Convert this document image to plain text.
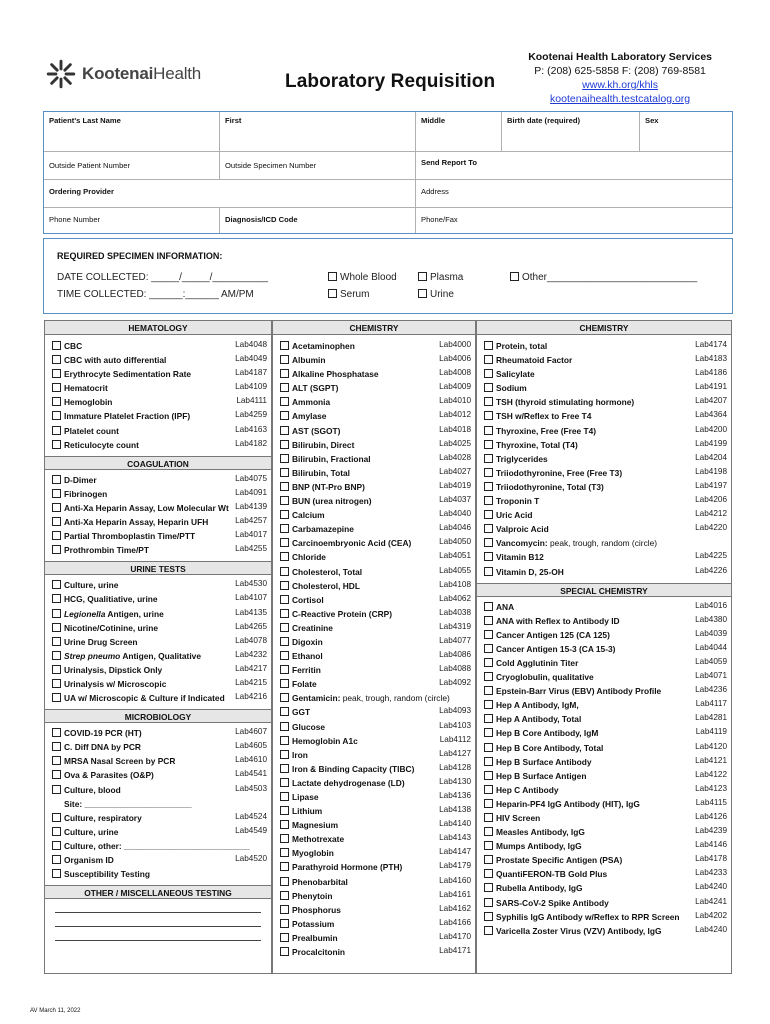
KootenaiHealth	Laboratory Requisition
Kootenai Health Laboratory Services
P: (208) 625-5858 F: (208) 769-8581
www.kh.org/khls
kootenaihealth.testcatalog.org
Patient's Last Name	First	Middle	Birth date (required)	Sex
Outside Patient Number	Outside Specimen Number	Send Report To
Ordering Provider	Address
Phone Number	Diagnosis/ICD Code	Phone/Fax
REQUIRED SPECIMEN INFORMATION:
DATE COLLECTED: _____/_____/__________
TIME COLLECTED: ______:______ AM/PM
Whole Blood
Serum
Plasma
Urine
Other___________________________
HEMATOLOGY
CBC	Lab4048
CBC with auto differential	Lab4049
Erythrocyte Sedimentation Rate	Lab4187
Hematocrit	Lab4109
Hemoglobin	Lab4111
Immature Platelet Fraction (IPF)	Lab4259
Platelet count	Lab4163
Reticulocyte count	Lab4182
COAGULATION
D-Dimer	Lab4075
Fibrinogen	Lab4091
Anti-Xa Heparin Assay, Low Molecular Wt Lab4139
Anti-Xa Heparin Assay, Heparin UFH	Lab4257
Partial Thromboplastin Time/PTT	Lab4017
Prothrombin Time/PT	Lab4255
URINE TESTS
Culture, urine	Lab4530
HCG, Qualitiative, urine	Lab4107
Legionella Antigen, urine	Lab4135
Nicotine/Cotinine, urine	Lab4265
Urine Drug Screen	Lab4078
Strep pneumo Antigen, Qualitative	Lab4232
Urinalysis, Dipstick Only	Lab4217
Urinalysis w/ Microscopic	Lab4215
UA w/ Microscopic & Culture if Indicated Lab4216
MICROBIOLOGY
COVID-19 PCR (HT)	Lab4607
C. Diff DNA by PCR	Lab4605
MRSA Nasal Screen by PCR	Lab4610
Ova & Parasites (O&P)	Lab4541
Culture, blood	Lab4503
Site: _______________________
Culture, respiratory	Lab4524
Culture, urine	Lab4549
Culture, other: ___________________________
Organism ID	Lab4520
Susceptibility Testing
OTHER / MISCELLANEOUS TESTING
CHEMISTRY
Acetaminophen	Lab4000
Albumin	Lab4006
Alkaline Phosphatase	Lab4008
ALT (SGPT)	Lab4009
Ammonia	Lab4010
Amylase	Lab4012
AST (SGOT)	Lab4018
Bilirubin, Direct	Lab4025
Bilirubin, Fractional	Lab4028
Bilirubin, Total	Lab4027
BNP (NT-Pro BNP)	Lab4019
BUN (urea nitrogen)	Lab4037
Calcium	Lab4040
Carbamazepine	Lab4046
Carcinoembryonic Acid (CEA)	Lab4050
Chloride	Lab4051
Cholesterol, Total	Lab4055
Cholesterol, HDL	Lab4108
Cortisol	Lab4062
C-Reactive Protein (CRP)	Lab4038
Creatinine	Lab4319
Digoxin	Lab4077
Ethanol	Lab4086
Ferritin	Lab4088
Folate	Lab4092
Gentamicin: peak, trough, random (circle)
GGT	Lab4093
Glucose	Lab4103
Hemoglobin A1c	Lab4112
Iron	Lab4127
Iron & Binding Capacity (TIBC)	Lab4128
Lactate dehydrogenase (LD)	Lab4130
Lipase	Lab4136
Lithium	Lab4138
Magnesium	Lab4140
Methotrexate	Lab4143
Myoglobin	Lab4147
Parathyroid Hormone (PTH)	Lab4179
Phenobarbital	Lab4160
Phenytoin	Lab4161
Phosphorus	Lab4162
Potassium	Lab4166
Prealbumin	Lab4170
Procalcitonin	Lab4171
CHEMISTRY
Protein, total	Lab4174
Rheumatoid Factor	Lab4183
Salicylate	Lab4186
Sodium	Lab4191
TSH (thyroid stimulating hormone)	Lab4207
TSH w/Reflex to Free T4	Lab4364
Thyroxine, Free (Free T4)	Lab4200
Thyroxine, Total (T4)	Lab4199
Triglycerides	Lab4204
Triiodothyronine, Free (Free T3)	Lab4198
Triiodothyronine, Total (T3)	Lab4197
Troponin T	Lab4206
Uric Acid	Lab4212
Valproic Acid	Lab4220
Vancomycin: peak, trough, random (circle)
Vitamin B12	Lab4225
Vitamin D, 25-OH	Lab4226
SPECIAL CHEMISTRY
ANA	Lab4016
ANA with Reflex to Antibody ID	Lab4380
Cancer Antigen 125 (CA 125)	Lab4039
Cancer Antigen 15-3 (CA 15-3)	Lab4044
Cold Agglutinin Titer	Lab4059
Cryoglobulin, qualitative	Lab4071
Epstein-Barr Virus (EBV) Antibody Profile	Lab4236
Hep A Antibody, IgM,	Lab4117
Hep A Antibody, Total	Lab4281
Hep B Core Antibody, IgM	Lab4119
Hep B Core Antibody, Total	Lab4120
Hep B Surface Antibody	Lab4121
Hep B Surface Antigen	Lab4122
Hep C Antibody	Lab4123
Heparin-PF4 IgG Antibody (HIT), IgG	Lab4115
HIV Screen	Lab4126
Measles Antibody, IgG	Lab4239
Mumps Antibody, IgG	Lab4146
Prostate Specific Antigen (PSA)	Lab4178
QuantiFERON-TB Gold Plus	Lab4233
Rubella Antibody, IgG	Lab4240
SARS-CoV-2 Spike Antibody	Lab4241
Syphilis IgG Antibody w/Reflex to RPR Screen Lab4202
Varicella Zoster Virus (VZV) Antibody, IgG	Lab4240
AV March 11, 2022
